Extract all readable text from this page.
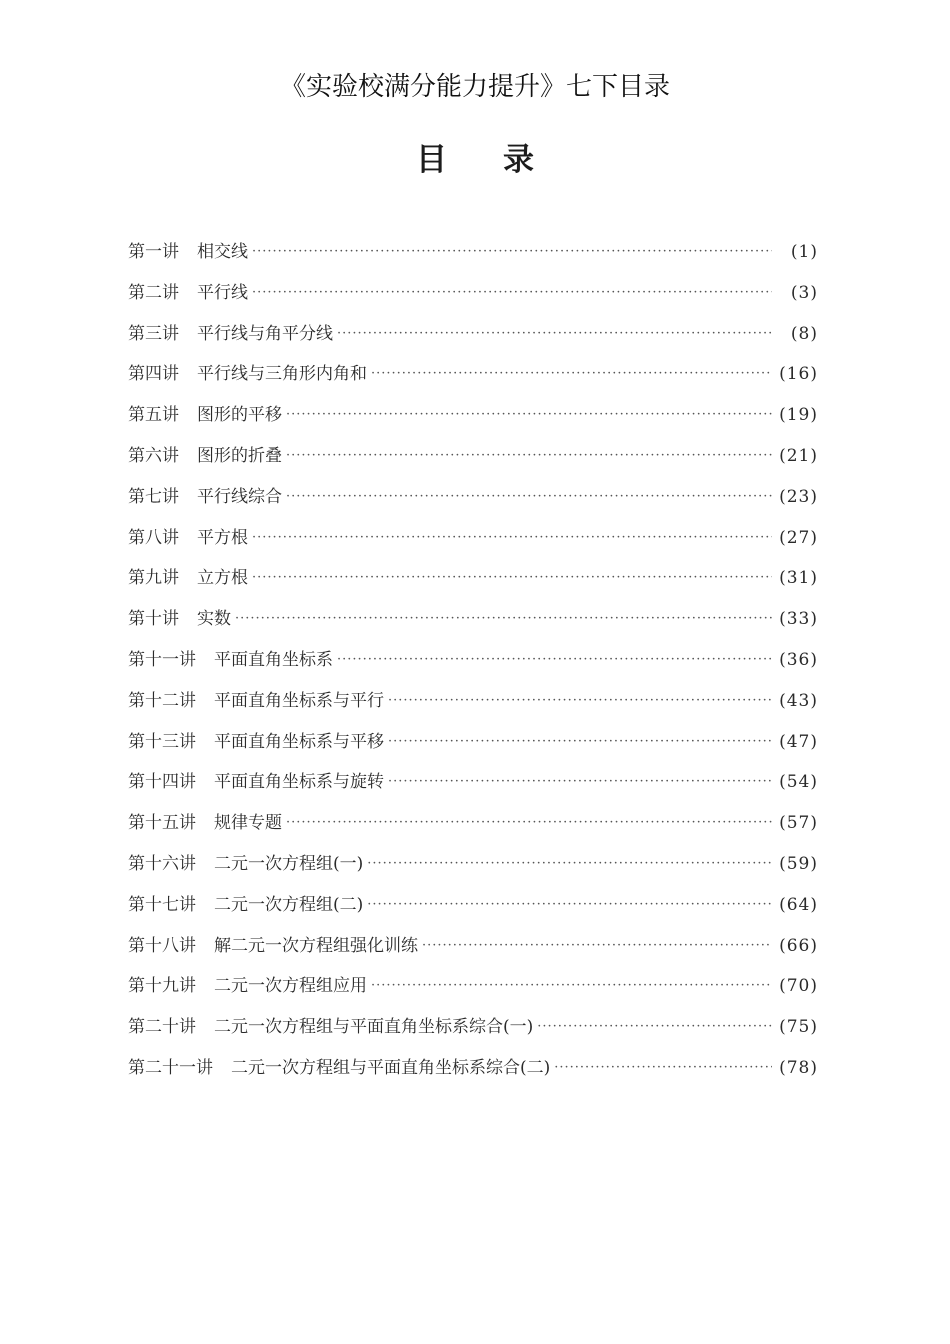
《实验校满分能力提升》七下目录
目录
第一讲 相交线 ·····	(1)
第二讲 平行线 ·····	(3)
第三讲 平行线与角平分线 ·····	(8)
第四讲 平行线与三角形内角和 ·····	(16)
第五讲 图形的平移 ·····	(19)
第六讲 图形的折叠 ·····	(21)
第七讲 平行线综合 ·····	(23)
第八讲 平方根 ·····	(27)
第九讲 立方根 ·····	(31)
第十讲 实数 ·····	(33)
第十一讲 平面直角坐标系 ·····	(36)
第十二讲 平面直角坐标系与平行 ·····	(43)
第十三讲 平面直角坐标系与平移 ·····	(47)
第十四讲 平面直角坐标系与旋转 ·····	(54)
第十五讲 规律专题 ·····	(57)
第十六讲 二元一次方程组(一) ·····	(59)
第十七讲 二元一次方程组(二) ·····	(64)
第十八讲 解二元一次方程组强化训练 ·····	(66)
第十九讲 二元一次方程组应用 ·····	(70)
第二十讲 二元一次方程组与平面直角坐标系综合(一) ·····	(75)
第二十一讲 二元一次方程组与平面直角坐标系综合(二) ·····	(78)
